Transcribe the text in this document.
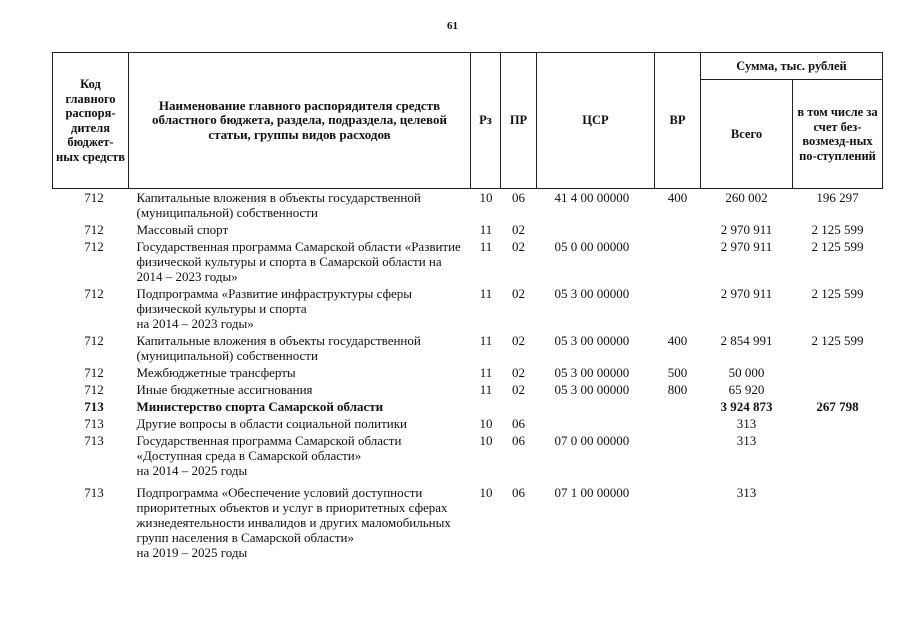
61
Код главного распоря-дителя бюджет-ных средств	Наименование главного распорядителя средств областного бюджета, раздела, подраздела, целевой статьи, группы видов расходов	Рз	ПР	ЦСР	ВР	Сумма, тыс. рублей	
						Всего	в том числе за счет без-возмезд-ных по-ступлений
712	Капитальные вложения в объекты государственной (муниципальной) собственности	10	06	41 4 00 00000	400	260 002	196 297
712	Массовый спорт	11	02			2 970 911	2 125 599
712	Государственная программа Самарской области «Развитие физической культуры и спорта в Самарской области на 2014 – 2023 годы»	11	02	05 0 00 00000		2 970 911	2 125 599
712	Подпрограмма «Развитие инфраструктуры сферы физической культуры и спорта
на 2014 – 2023 годы»	11	02	05 3 00 00000		2 970 911	2 125 599
712	Капитальные вложения в объекты государственной (муниципальной) собственности	11	02	05 3 00 00000	400	2 854 991	2 125 599
712	Межбюджетные трансферты	11	02	05 3 00 00000	500	50 000	
712	Иные бюджетные ассигнования	11	02	05 3 00 00000	800	65 920	
713	Министерство спорта Самарской области					3 924 873	267 798
713	Другие вопросы в области социальной политики	10	06			313	
713	Государственная программа Самарской области «Доступная среда в Самарской области»
на 2014 – 2025 годы	10	06	07 0 00 00000		313	
713	Подпрограмма «Обеспечение условий доступности приоритетных объектов и услуг в приоритетных сферах жизнедеятельности инвалидов и других маломобильных групп населения в Самарской области»
на 2019 – 2025 годы	10	06	07 1 00 00000		313	
